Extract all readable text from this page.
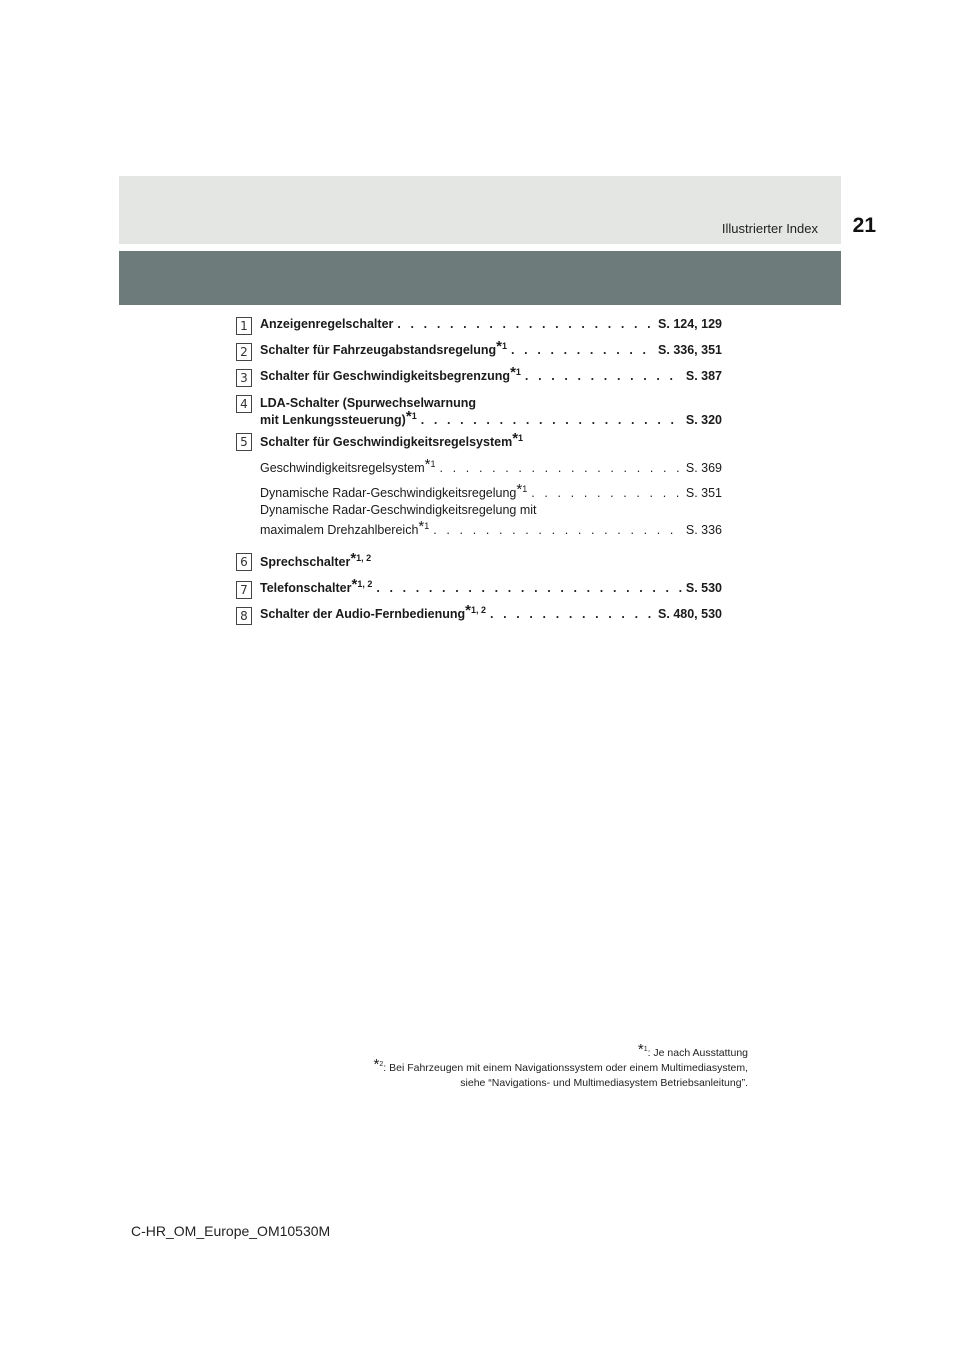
Illustrierter Index 21
1 Anzeigenregelschalter . . .	S. 124, 129
2 Schalter für Fahrzeugabstandsregelung*$^1$ . . .	S. 336, 351
3 Schalter für Geschwindigkeitsbegrenzung*$^1$ . . .	S. 387
4 LDA-Schalter (Spurwechselwarnung
mit Lenkungssteuerung)*$^1$ . . .	S. 320
5 Schalter für Geschwindigkeitsregelsystem*$^1$
Geschwindigkeitsregelsystem*$^1$ . . .	S. 369
Dynamische Radar-Geschwindigkeitsregelung*$^1$ . . .	S. 351
Dynamische Radar-Geschwindigkeitsregelung mit
maximalem Drehzahlbereich*$^1$ . . .	S. 336
6 Sprechschalter*$^{1, 2}$
7 Telefonschalter*$^{1, 2}$ . . .	S. 530
8 Schalter der Audio-Fernbedienung*$^{1, 2}$ . . .	S. 480, 530
*$^1$: Je nach Ausstattung
*$^2$: Bei Fahrzeugen mit einem Navigationssystem oder einem Multimediasystem,
siehe “Navigations- und Multimediasystem Betriebsanleitung”.
C-HR_OM_Europe_OM10530M
